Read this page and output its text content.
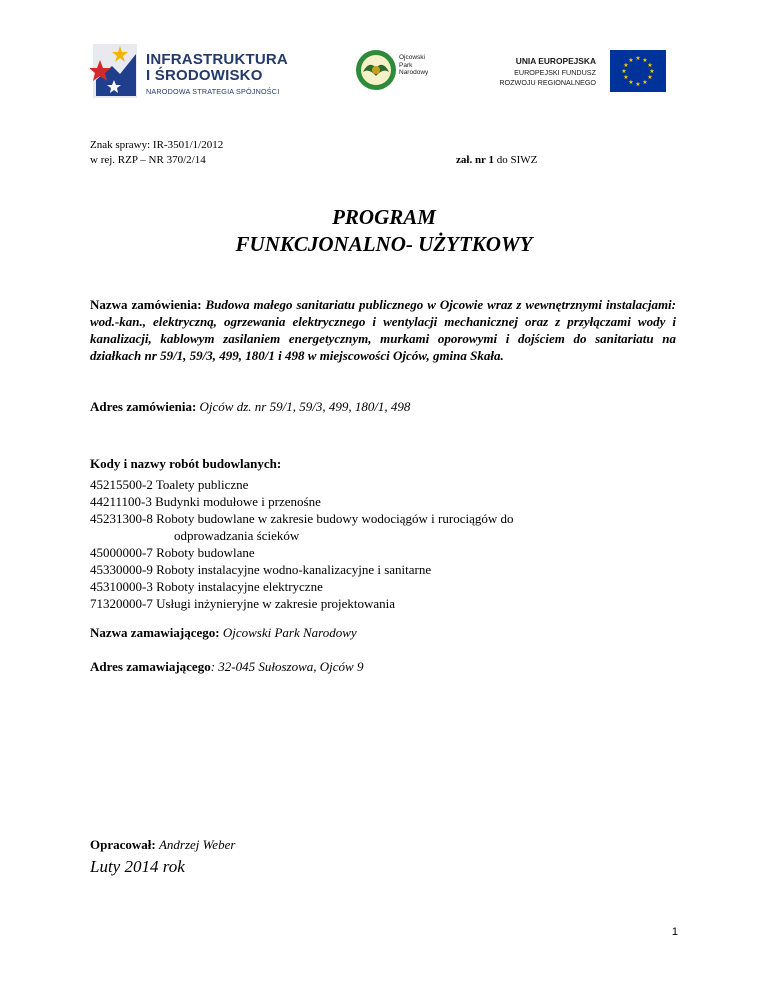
INFRASTRUKTURA
I ŚRODOWISKO
NARODOWA STRATEGIA SPÓJNOŚCI
Ojcowski
Park
Narodowy
UNIA EUROPEJSKA
EUROPEJSKI FUNDUSZ
ROZWOJU REGIONALNEGO
★ ★
★
★
★
★
★
★
★
★
★
★
Znak sprawy: IR-3501/1/2012
w rej. RZP – NR 370/2/14	zał. nr 1 do SIWZ
PROGRAM
FUNKCJONALNO- UŻYTKOWY
Nazwa zamówienia: Budowa małego sanitariatu publicznego w Ojcowie wraz z wewnętrznymi instalacjami: wod.-kan., elektryczną, ogrzewania elektrycznego i wentylacji mechanicznej oraz z przyłączami wody i kanalizacji, kablowym zasilaniem energetycznym, murkami oporowymi i dojściem do sanitariatu na działkach nr 59/1, 59/3, 499, 180/1 i 498 w miejscowości Ojców, gmina Skała.
Adres zamówienia: Ojców dz. nr 59/1, 59/3, 499, 180/1, 498
Kody i nazwy robót budowlanych:
45215500-2 Toalety publiczne
44211100-3 Budynki modułowe i przenośne
45231300-8 Roboty budowlane w zakresie budowy wodociągów i rurociągów do
odprowadzania ścieków
45000000-7 Roboty budowlane
45330000-9 Roboty instalacyjne wodno-kanalizacyjne i sanitarne
45310000-3 Roboty instalacyjne elektryczne
71320000-7 Usługi inżynieryjne w zakresie projektowania
Nazwa zamawiającego: Ojcowski Park Narodowy
Adres zamawiającego: 32-045 Sułoszowa, Ojców 9
Opracował: Andrzej Weber
Luty 2014 rok
1
